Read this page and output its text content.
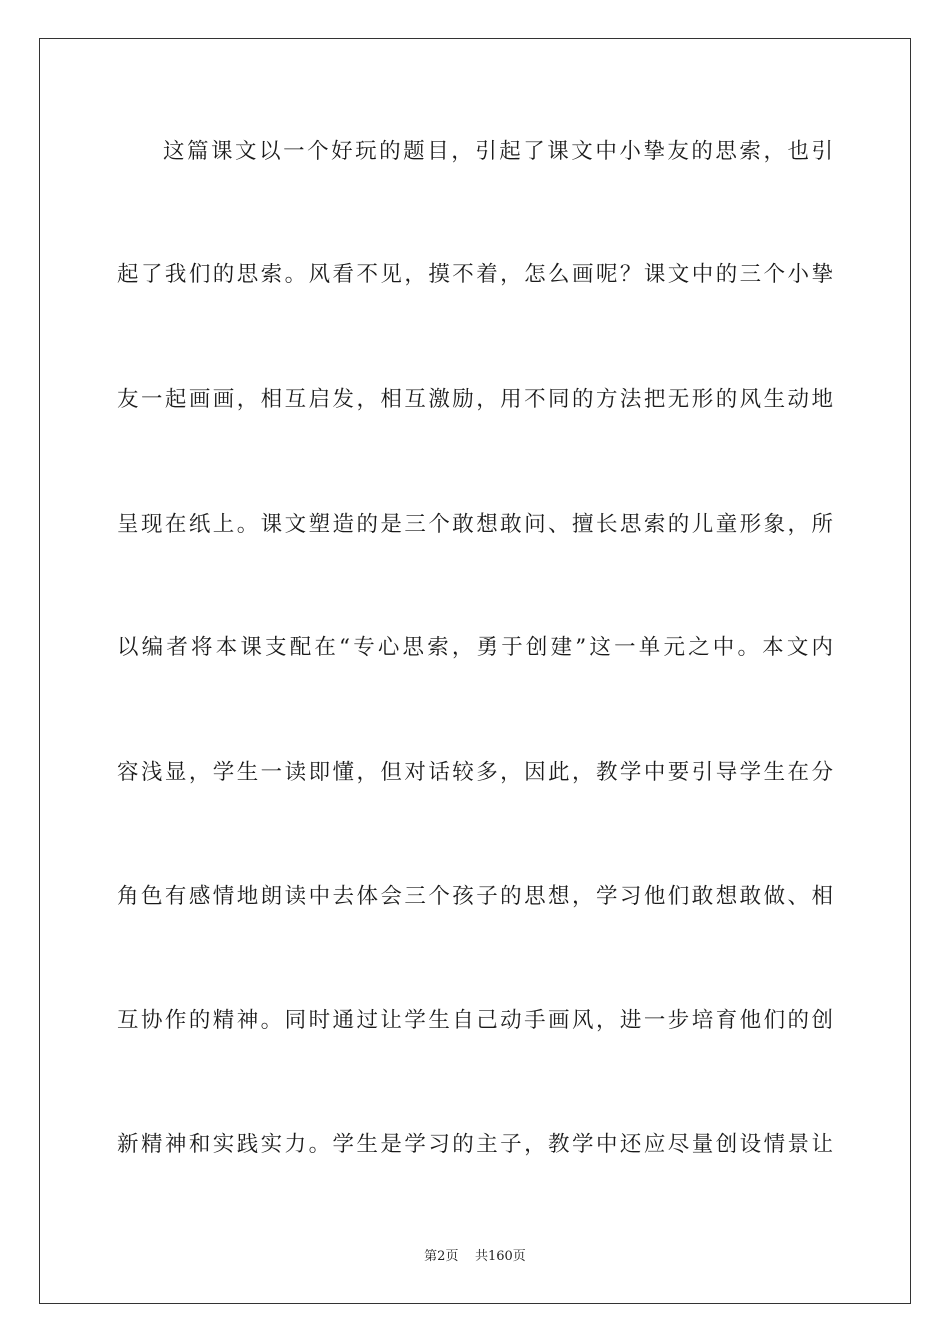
这篇课文以一个好玩的题目，引起了课文中小挚友的思索，也引
起了我们的思索。风看不见，摸不着，怎么画呢？课文中的三个小挚
友一起画画，相互启发，相互激励，用不同的方法把无形的风生动地
呈现在纸上。课文塑造的是三个敢想敢问、擅长思索的儿童形象，所
以编者将本课支配在“专心思索，勇于创建”这一单元之中。本文内
容浅显，学生一读即懂，但对话较多，因此，教学中要引导学生在分
角色有感情地朗读中去体会三个孩子的思想，学习他们敢想敢做、相
互协作的精神。同时通过让学生自己动手画风，进一步培育他们的创
新精神和实践实力。学生是学习的主子，教学中还应尽量创设情景让
第2页 共160页
